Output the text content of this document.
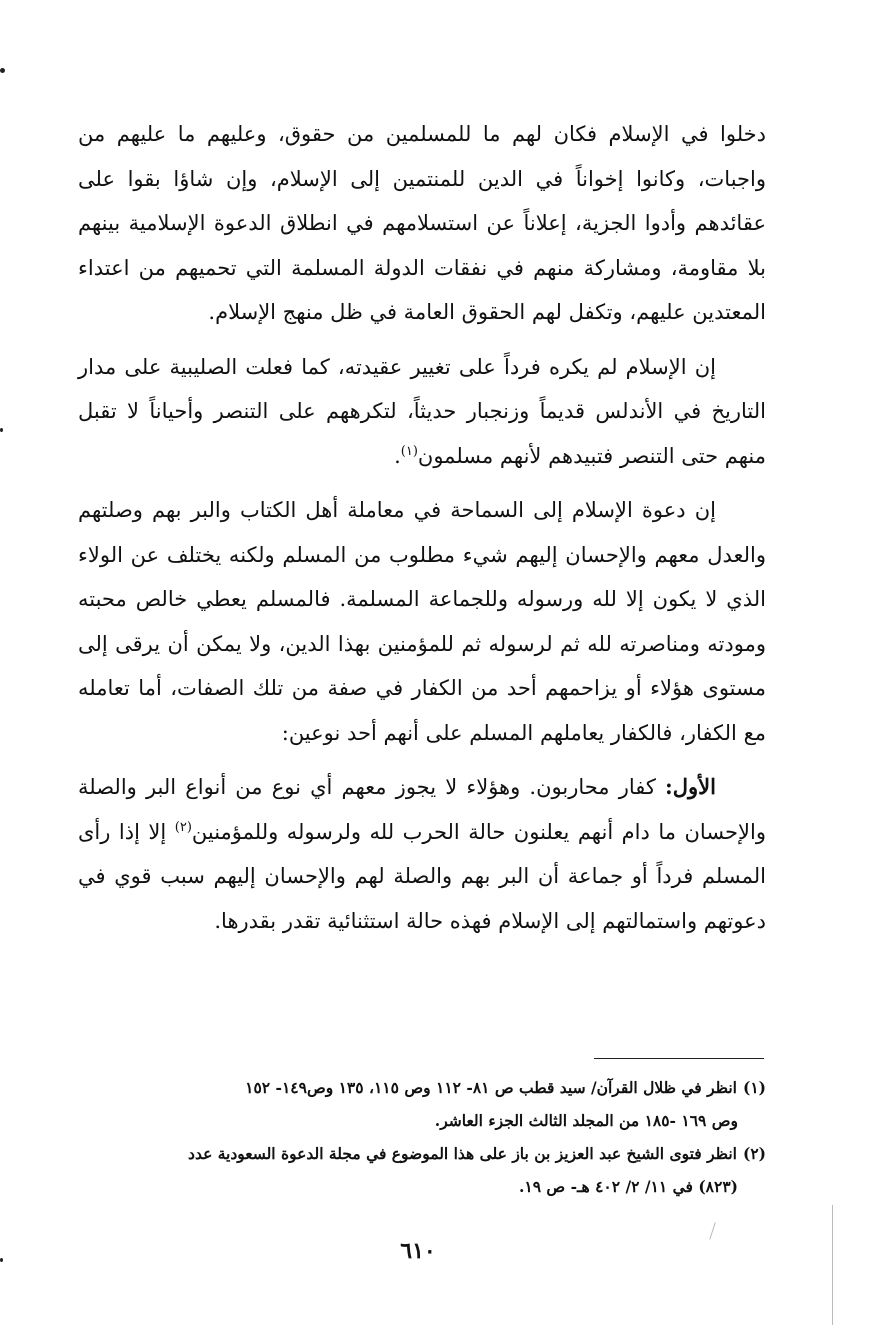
دخلوا في الإسلام فكان لهم ما للمسلمين من حقوق، وعليهم ما عليهم من واجبات، وكانوا إخواناً في الدين للمنتمين إلى الإسلام، وإن شاؤا بقوا على عقائدهم وأدوا الجزية، إعلاناً عن استسلامهم في انطلاق الدعوة الإسلامية بينهم بلا مقاومة، ومشاركة منهم في نفقات الدولة المسلمة التي تحميهم من اعتداء المعتدين عليهم، وتكفل لهم الحقوق العامة في ظل منهج الإسلام.

إن الإسلام لم يكره فرداً على تغيير عقيدته، كما فعلت الصليبية على مدار التاريخ في الأندلس قديماً وزنجبار حديثاً، لتكرههم على التنصر وأحياناً لا تقبل منهم حتى التنصر فتبيدهم لأنهم مسلمون$^{(١)}$.

إن دعوة الإسلام إلى السماحة في معاملة أهل الكتاب والبر بهم وصلتهم والعدل معهم والإحسان إليهم شيء مطلوب من المسلم ولكنه يختلف عن الولاء الذي لا يكون إلا لله ورسوله وللجماعة المسلمة. فالمسلم يعطي خالص محبته ومودته ومناصرته لله ثم لرسوله ثم للمؤمنين بهذا الدين، ولا يمكن أن يرقى إلى مستوى هؤلاء أو يزاحمهم أحد من الكفار في صفة من تلك الصفات، أما تعامله مع الكفار، فالكفار يعاملهم المسلم على أنهم أحد نوعين:

الأول: كفار محاربون. وهؤلاء لا يجوز معهم أي نوع من أنواع البر والصلة والإحسان ما دام أنهم يعلنون حالة الحرب لله ولرسوله وللمؤمنين$^{(٢)}$ إلا إذا رأى المسلم فرداً أو جماعة أن البر بهم والصلة لهم والإحسان إليهم سبب قوي في دعوتهم واستمالتهم إلى الإسلام فهذه حالة استثنائية تقدر بقدرها.

(١)انظر في ظلال القرآن/ سيد قطب ص ٨١- ١١٢ وص ١١٥، ١٣٥ وص١٤٩- ١٥٢
وص ١٦٩ -١٨٥ من المجلد الثالث الجزء العاشر.

(٢)انظر فتوى الشيخ عبد العزيز بن باز على هذا الموضوع في مجلة الدعوة السعودية عدد
(٨٢٣) في ١١/ ٢/ ٤٠٢ هـ- ص ١٩.

٦١٠
